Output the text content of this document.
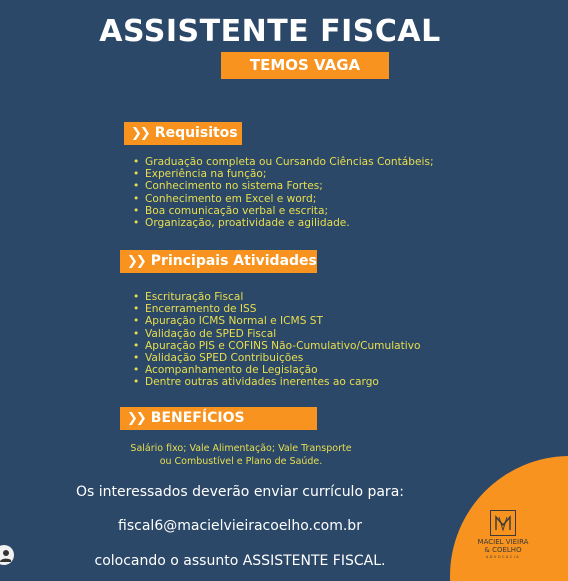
ASSISTENTE FISCAL
TEMOS VAGA
❯❯ Requisitos
• Graduação completa ou Cursando Ciências Contábeis;
• Experiência na função;
• Conhecimento no sistema Fortes;
• Conhecimento em Excel e word;
• Boa comunicação verbal e escrita;
• Organização, proatividade e agilidade.
❯❯ Principais Atividades
• Escrituração Fiscal
• Encerramento de ISS
• Apuração ICMS Normal e ICMS ST
• Validação de SPED Fiscal
• Apuração PIS e COFINS Não-Cumulativo/Cumulativo
• Validação SPED Contribuições
• Acompanhamento de Legislação
• Dentre outras atividades inerentes ao cargo
❯❯ BENEFÍCIOS
Salário fixo; Vale Alimentação; Vale Transporte
ou Combustível e Plano de Saúde.
Os interessados deverão enviar currículo para:
fiscal6@macielvieiracoelho.com.br
colocando o assunto ASSISTENTE FISCAL.
MACIEL VIEIRA
& COELHO
ADVOCACIA
